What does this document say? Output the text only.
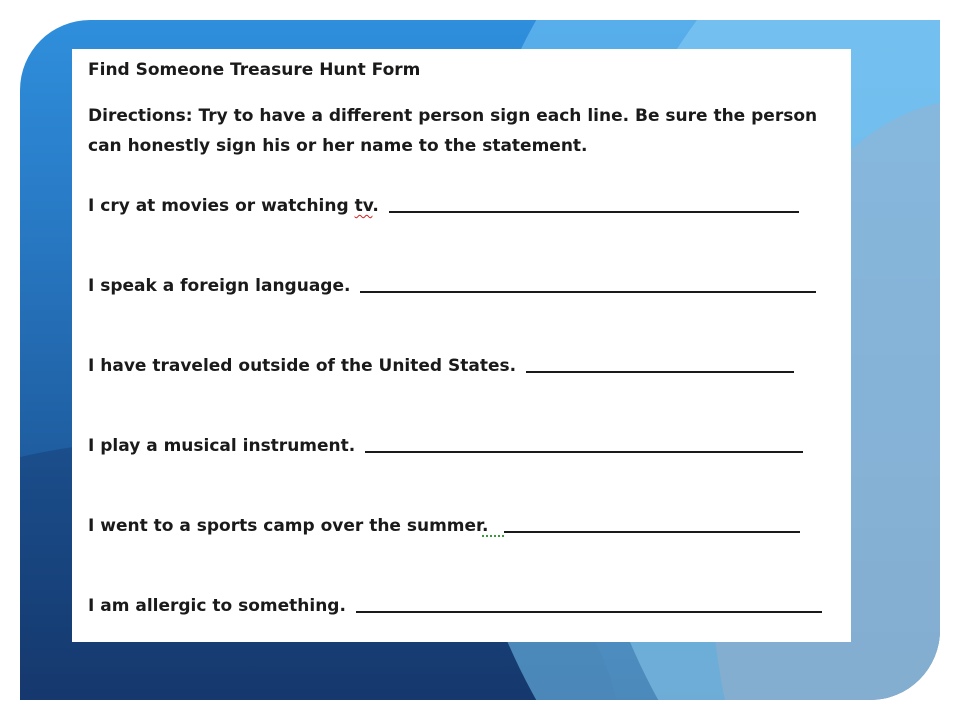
Find Someone Treasure Hunt Form

Directions: Try to have a different person sign each line. Be sure the person can honestly sign his or her name to the statement.

I cry at movies or watching tv.
I speak a foreign language.
I have traveled outside of the United States.
I play a musical instrument.
I went to a sports camp over the summer.
I am allergic to something.
